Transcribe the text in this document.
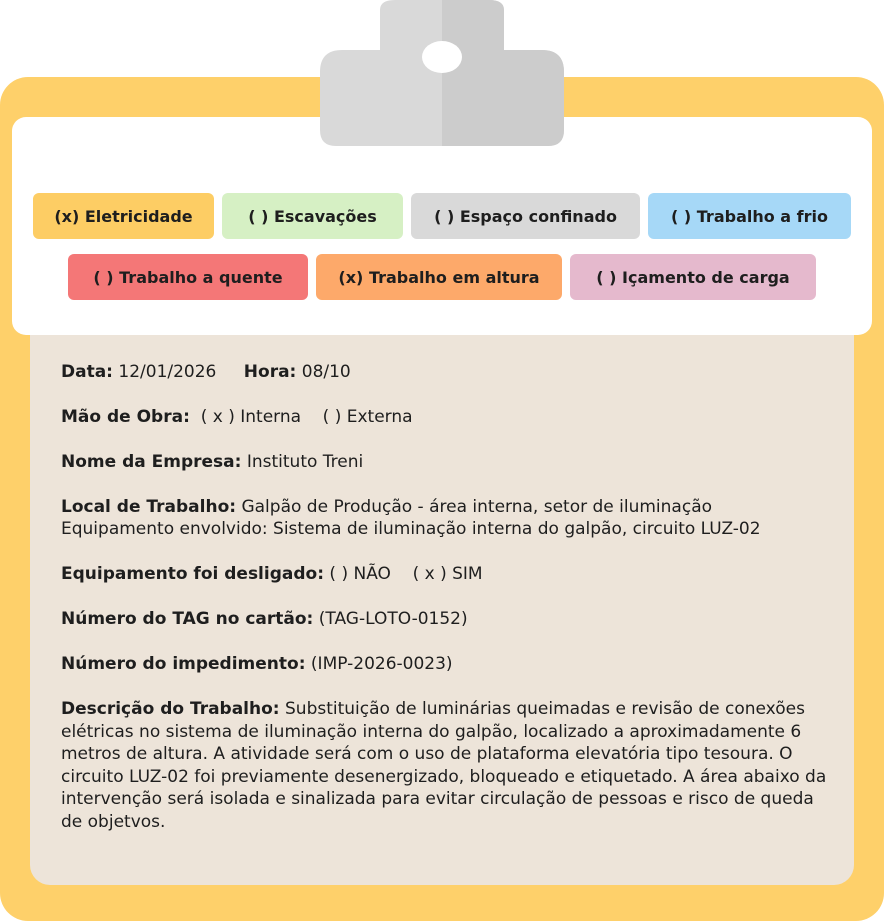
(x) Eletricidade	( ) Escavações	( ) Espaço confinado	( ) Trabalho a frio
( ) Trabalho a quente	(x) Trabalho em altura	( ) Içamento de carga
Data: 12/01/2026 Hora: 08/10
Mão de Obra: ( x ) Interna ( ) Externa
Nome da Empresa: Instituto Treni
Local de Trabalho: Galpão de Produção - área interna, setor de iluminação
Equipamento envolvido: Sistema de iluminação interna do galpão, circuito LUZ-02
Equipamento foi desligado: ( ) NÃO ( x ) SIM
Número do TAG no cartão: (TAG-LOTO-0152)
Número do impedimento: (IMP-2026-0023)
Descrição do Trabalho: Substituição de luminárias queimadas e revisão de conexões elétricas no sistema de iluminação interna do galpão, localizado a aproximadamente 6 metros de altura. A atividade será com o uso de plataforma elevatória tipo tesoura. O circuito LUZ-02 foi previamente desenergizado, bloqueado e etiquetado. A área abaixo da intervenção será isolada e sinalizada para evitar circulação de pessoas e risco de queda de objetvos.
